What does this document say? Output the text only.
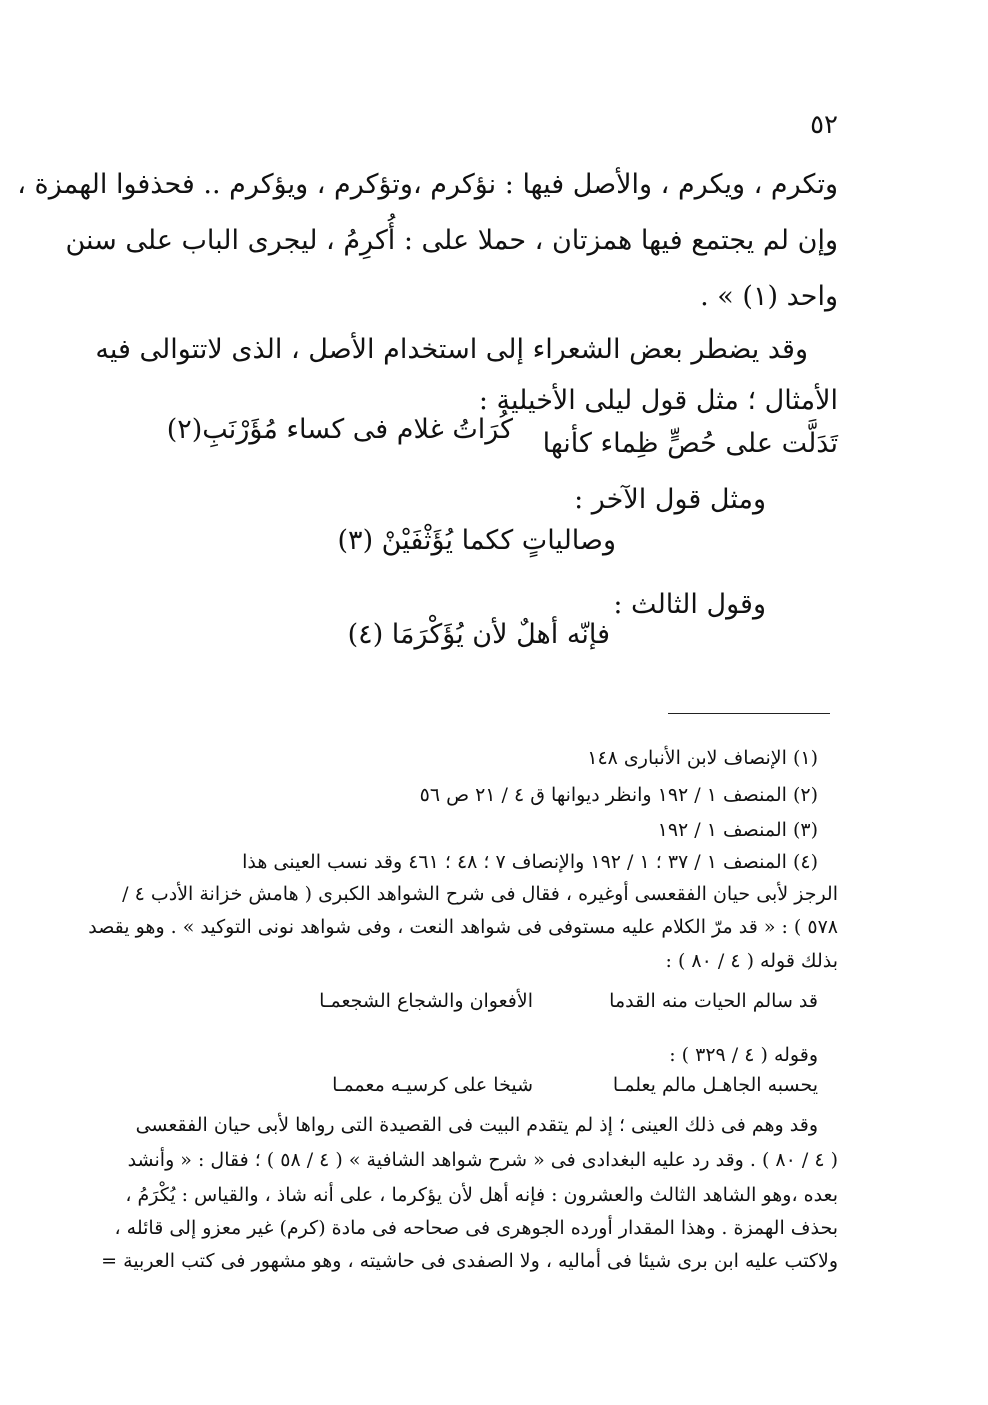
٥٢
وتكرم ، ويكرم ، والأصل فيها : نؤكرم ،وتؤكرم ، ويؤكرم .. فحذفوا الهمزة ،
وإن لم يجتمع فيها همزتان ، حملا على : أُكرِمُ ، ليجرى الباب على سنن
واحد (١) » .
وقد يضطر بعض الشعراء إلى استخدام الأصل ، الذى لاتتوالى فيه
الأمثال ؛ مثل قول ليلى الأخيلية :
تَدَلَّت على حُصٍّ ظِماء كأنها
كُرَاتُ غلام فى كساء مُؤَرْنَبِ(٢)
ومثل قول الآخر :
وصالياتٍ ككما يُؤَثْفَيْنْ (٣)
وقول الثالث :
فإنّه أهلٌ لأن يُؤَكْرَمَا (٤)
(١) الإنصاف لابن الأنبارى ١٤٨
(٢) المنصف ١ / ١٩٢ وانظر ديوانها ق ٤ / ٢١ ص ٥٦
(٣) المنصف ١ / ١٩٢
(٤) المنصف ١ / ٣٧ ؛ ١ / ١٩٢ والإنصاف ٧ ؛ ٤٨ ؛ ٤٦١ وقد نسب العينى هذا
الرجز لأبى حيان الفقعسى أوغيره ، فقال فى شرح الشواهد الكبرى ( هامش خزانة الأدب ٤ /
٥٧٨ ) : « قد مرّ الكلام عليه مستوفى فى شواهد النعت ، وفى شواهد نونى التوكيد » . وهو يقصد
بذلك قوله ( ٤ / ٨٠ ) :
قد سالم الحيات منه القدما
الأفعوان والشجاع الشجعمـا
وقوله ( ٤ / ٣٢٩ ) :
يحسبه الجاهـل مالم يعلمـا
شيخا على كرسيـه معممـا
وقد وهم فى ذلك العينى ؛ إذ لم يتقدم البيت فى القصيدة التى رواها لأبى حيان الفقعسى
( ٤ / ٨٠ ) . وقد رد عليه البغدادى فى « شرح شواهد الشافية » ( ٤ / ٥٨ ) ؛ فقال : « وأنشد
بعده ،وهو الشاهد الثالث والعشرون : فإنه أهل لأن يؤكرما ، على أنه شاذ ، والقياس : يُكْرَمُ ،
بحذف الهمزة . وهذا المقدار أورده الجوهرى فى صحاحه فى مادة (كرم) غير معزو إلى قائله ،
ولاكتب عليه ابن برى شيئا فى أماليه ، ولا الصفدى فى حاشيته ، وهو مشهور فى كتب العربية =
